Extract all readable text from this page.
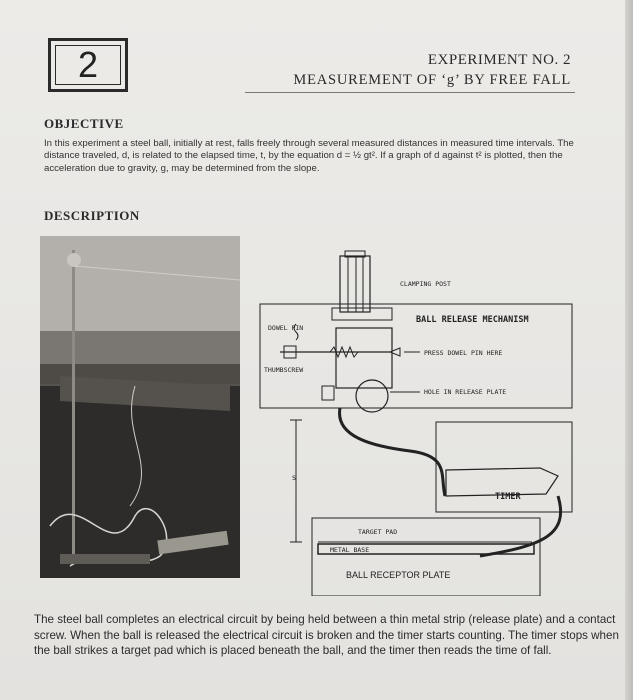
2	EXPERIMENT NO. 2
MEASUREMENT OF ‘g’ BY FREE FALL
OBJECTIVE
In this experiment a steel ball, initially at rest, falls freely through several measured distances in measured time intervals. The distance traveled, d, is related to the elapsed time, t, by the equation d = ½ gt². If a graph of d against t² is plotted, then the acceleration due to gravity, g, may be determined from the slope.
DESCRIPTION
CLAMPING POST
BALL RELEASE MECHANISM
DOWEL PIN
PRESS DOWEL PIN HERE
THUMBSCREW
HOLE IN RELEASE PLATE
TIMER
S
TARGET PAD
METAL BASE
BALL RECEPTOR PLATE
The steel ball completes an electrical circuit by being held between a thin metal strip (release plate) and a contact screw. When the ball is released the electrical circuit is broken and the timer starts counting. The timer stops when the ball strikes a target pad which is placed beneath the ball, and the timer then reads the time of fall.
